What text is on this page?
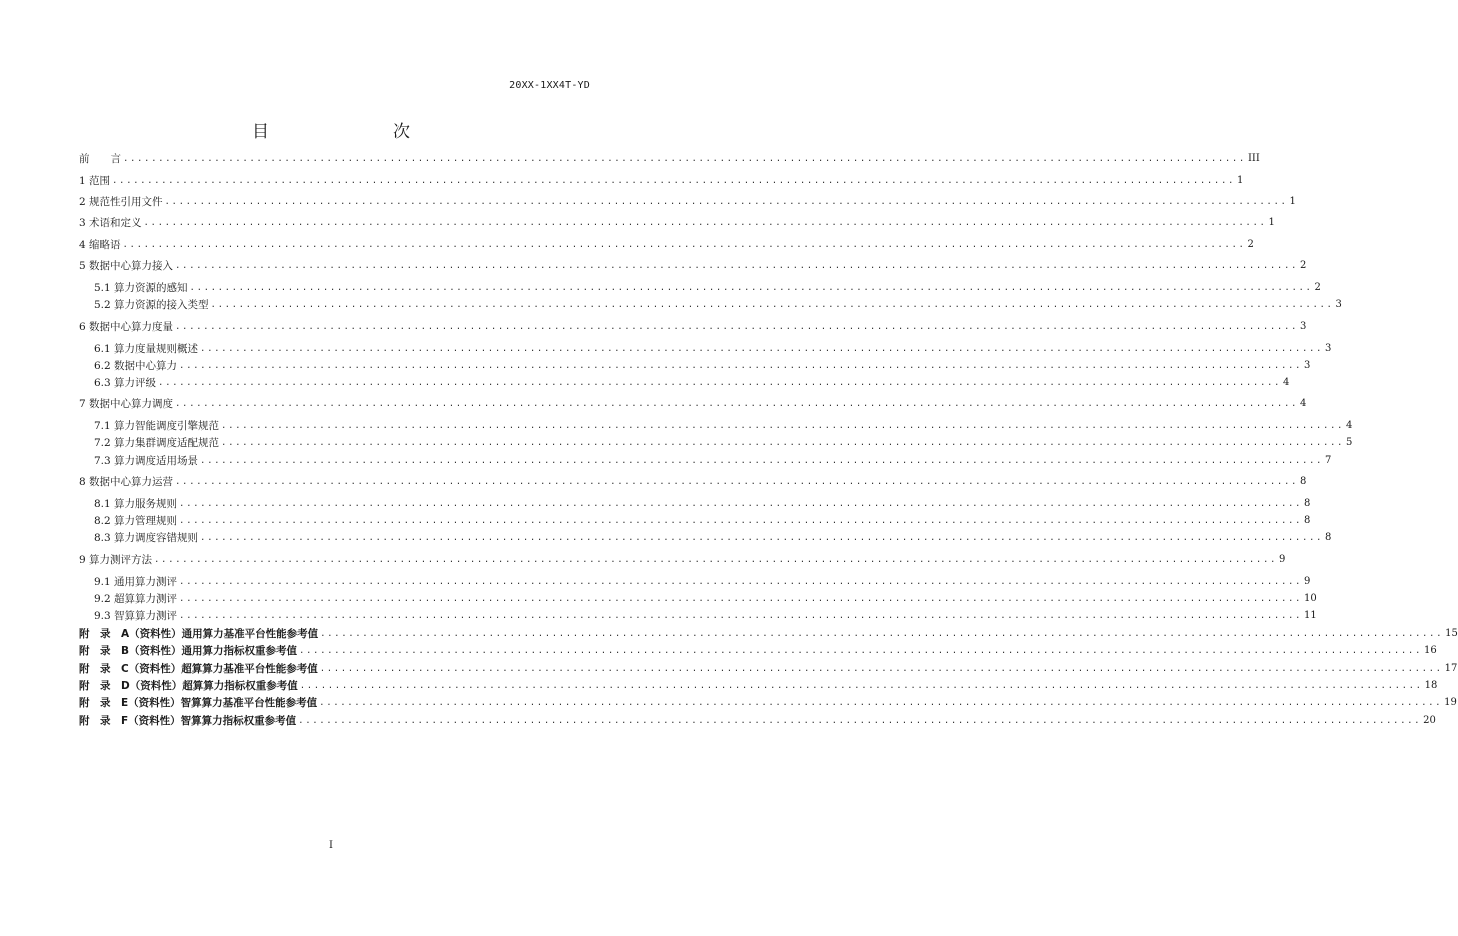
20XX-1XX4T-YD
目　　次
前　　言 ................................................................................................................................................................ III
1 范围 ................................................................................................................................................................ 1
2 规范性引用文件 ................................................................................................................................................................ 1
3 术语和定义 ................................................................................................................................................................ 1
4 缩略语 ................................................................................................................................................................ 2
5 数据中心算力接入 ................................................................................................................................................................ 2
5.1 算力资源的感知 ................................................................................................................................................................ 2
5.2 算力资源的接入类型 ................................................................................................................................................................ 3
6 数据中心算力度量 ................................................................................................................................................................ 3
6.1 算力度量规则概述 ................................................................................................................................................................ 3
6.2 数据中心算力 ................................................................................................................................................................ 3
6.3 算力评级 ................................................................................................................................................................ 4
7 数据中心算力调度 ................................................................................................................................................................ 4
7.1 算力智能调度引擎规范 ................................................................................................................................................................ 4
7.2 算力集群调度适配规范 ................................................................................................................................................................ 5
7.3 算力调度适用场景 ................................................................................................................................................................ 7
8 数据中心算力运营 ................................................................................................................................................................ 8
8.1 算力服务规则 ................................................................................................................................................................ 8
8.2 算力管理规则 ................................................................................................................................................................ 8
8.3 算力调度容错规则 ................................................................................................................................................................ 8
9 算力测评方法 ................................................................................................................................................................ 9
9.1 通用算力测评 ................................................................................................................................................................ 9
9.2 超算算力测评 ................................................................................................................................................................ 10
9.3 智算算力测评 ................................................................................................................................................................ 11
附　录　A（资料性）通用算力基准平台性能参考值 ................................................................................................................................................................ 15
附　录　B（资料性）通用算力指标权重参考值 ................................................................................................................................................................ 16
附　录　C（资料性）超算算力基准平台性能参考值 ................................................................................................................................................................ 17
附　录　D（资料性）超算算力指标权重参考值 ................................................................................................................................................................ 18
附　录　E（资料性）智算算力基准平台性能参考值 ................................................................................................................................................................ 19
附　录　F（资料性）智算算力指标权重参考值 ................................................................................................................................................................ 20
I
